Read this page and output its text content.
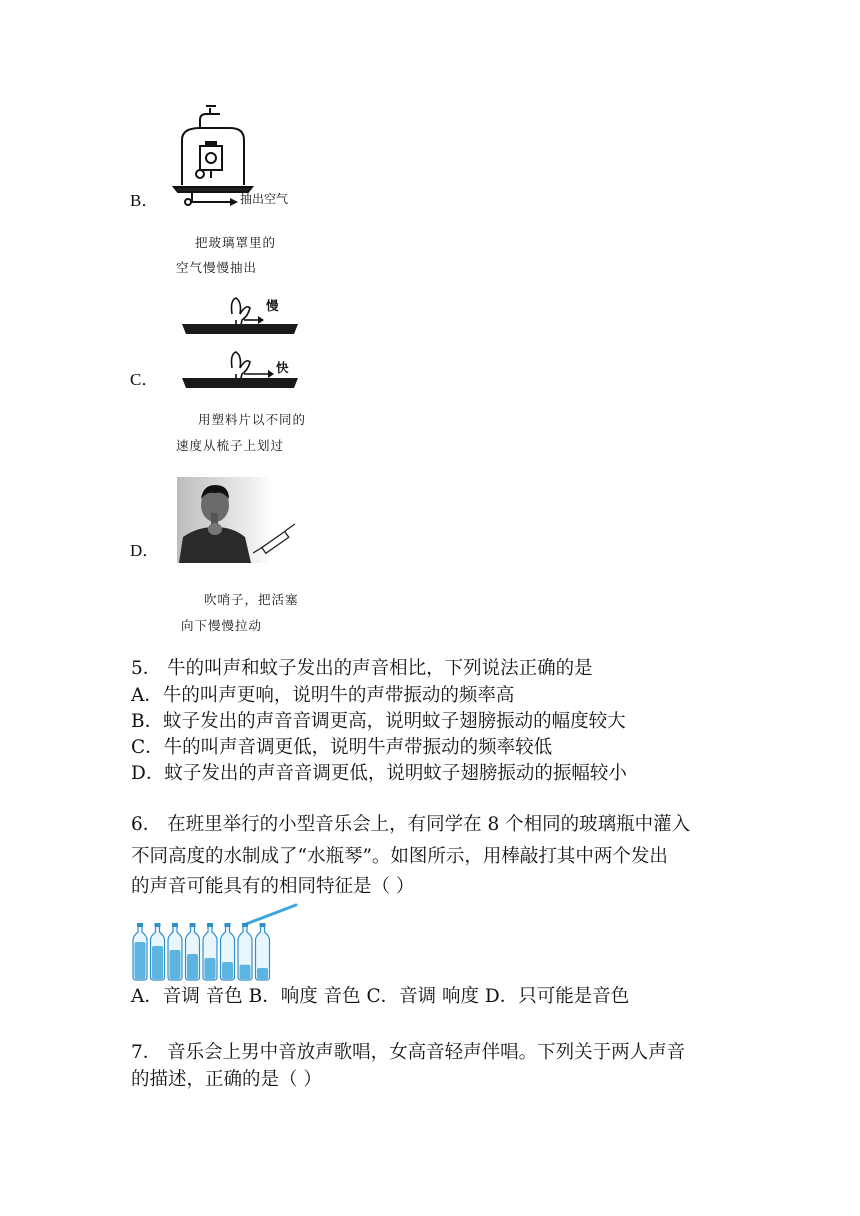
B．	抽出空气
把玻璃罩里的
空气慢慢抽出
C．
慢
快
用塑料片以不同的
速度从梳子上划过
D．
吹哨子，把活塞
向下慢慢拉动
5． 牛的叫声和蚊子发出的声音相比，下列说法正确的是
A．牛的叫声更响，说明牛的声带振动的频率高
B．蚊子发出的声音音调更高，说明蚊子翅膀振动的幅度较大
C．牛的叫声音调更低，说明牛声带振动的频率较低
D．蚊子发出的声音音调更低，说明蚊子翅膀振动的振幅较小
6． 在班里举行的小型音乐会上，有同学在 8 个相同的玻璃瓶中灌入
不同高度的水制成了“水瓶琴”。如图所示，用棒敲打其中两个发出
的声音可能具有的相同特征是（ ）
A．音调 音色 B．响度 音色 C．音调 响度 D．只可能是音色
7． 音乐会上男中音放声歌唱，女高音轻声伴唱。下列关于两人声音
的描述，正确的是（ ）
